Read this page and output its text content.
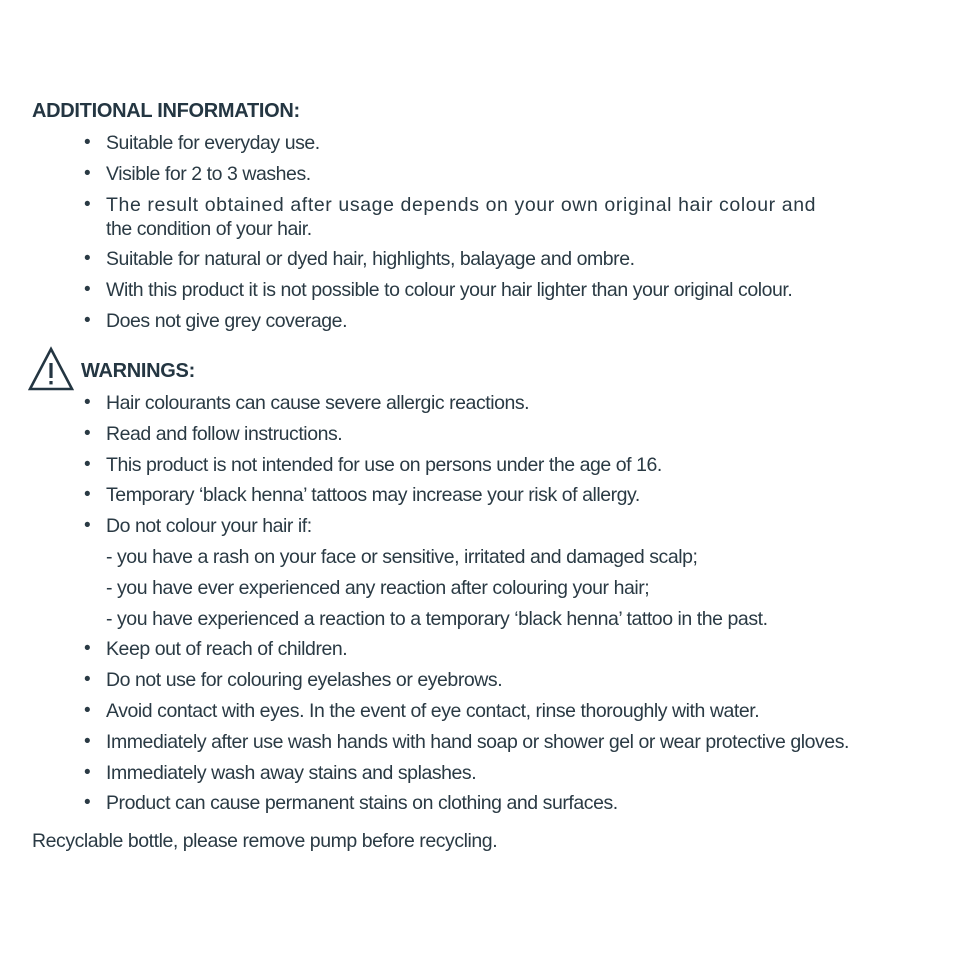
ADDITIONAL INFORMATION:
• Suitable for everyday use.
• Visible for 2 to 3 washes.
• The result obtained after usage depends on your own original hair colour and
the condition of your hair.
• Suitable for natural or dyed hair, highlights, balayage and ombre.
• With this product it is not possible to colour your hair lighter than your original colour.
• Does not give grey coverage.
WARNINGS:
• Hair colourants can cause severe allergic reactions.
• Read and follow instructions.
• This product is not intended for use on persons under the age of 16.
• Temporary ‘black henna’ tattoos may increase your risk of allergy.
• Do not colour your hair if:
- you have a rash on your face or sensitive, irritated and damaged scalp;
- you have ever experienced any reaction after colouring your hair;
- you have experienced a reaction to a temporary ‘black henna’ tattoo in the past.
• Keep out of reach of children.
• Do not use for colouring eyelashes or eyebrows.
• Avoid contact with eyes. In the event of eye contact, rinse thoroughly with water.
• Immediately after use wash hands with hand soap or shower gel or wear protective gloves.
• Immediately wash away stains and splashes.
• Product can cause permanent stains on clothing and surfaces.
Recyclable bottle, please remove pump before recycling.
